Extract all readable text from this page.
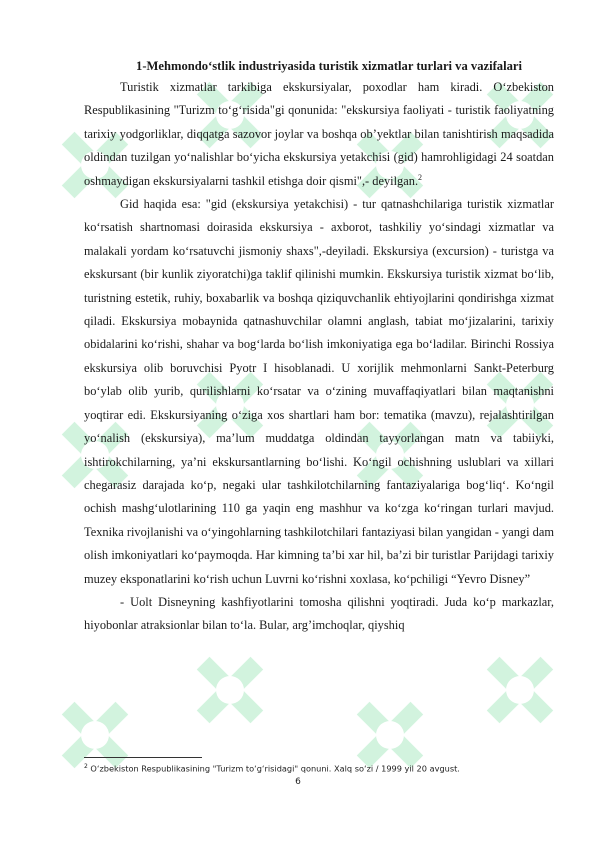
1-Mehmondo‘stlik industriyasida turistik xizmatlar turlari va vazifalari

Turistik xizmatlar tarkibiga ekskursiyalar, poxodlar ham kiradi. O‘zbekiston Respublikasining "Turizm to‘g‘risida"gi qonunida: "ekskursiya faoliyati - turistik faoliyatning tarixiy yodgorliklar, diqqatga sazovor joylar va boshqa ob’yektlar bilan tanishtirish maqsadida oldindan tuzilgan yo‘nalishlar bo‘yicha ekskursiya yetakchisi (gid) hamrohligidagi 24 soatdan oshmaydigan ekskursiyalarni tashkil etishga doir qismi",- deyilgan.$^2$

Gid haqida esa: "gid (ekskursiya yetakchisi) - tur qatnashchilariga turistik xizmatlar ko‘rsatish shartnomasi doirasida ekskursiya - axborot, tashkiliy yo‘sindagi xizmatlar va malakali yordam ko‘rsatuvchi jismoniy shaxs",-deyiladi. Ekskursiya (excursion) - turistga va ekskursant (bir kunlik ziyoratchi)ga taklif qilinishi mumkin. Ekskursiya turistik xizmat bo‘lib, turistning estetik, ruhiy, boxabarlik va boshqa qiziquvchanlik ehtiyojlarini qondirishga xizmat qiladi. Ekskursiya mobaynida qatnashuvchilar olamni anglash, tabiat mo‘jizalarini, tarixiy obidalarini ko‘rishi, shahar va bog‘larda bo‘lish imkoniyatiga ega bo‘ladilar. Birinchi Rossiya ekskursiya olib boruvchisi Pyotr I hisoblanadi. U xorijlik mehmonlarni Sankt-Peterburg bo‘ylab olib yurib, qurilishlarni ko‘rsatar va o‘zining muvaffaqiyatlari bilan maqtanishni yoqtirar edi. Ekskursiyaning o‘ziga xos shartlari ham bor: tematika (mavzu), rejalashtirilgan yo‘nalish (ekskursiya), ma’lum muddatga oldindan tayyorlangan matn va tabiiyki, ishtirokchilarning, ya’ni ekskursantlarning bo‘lishi. Ko‘ngil ochishning uslublari va xillari chegarasiz darajada ko‘p, negaki ular tashkilotchilarning fantaziyalariga bog‘liq‘. Ko‘ngil ochish mashg‘ulotlarining 110 ga yaqin eng mashhur va ko‘zga ko‘ringan turlari mavjud. Texnika rivojlanishi va o‘yingohlarning tashkilotchilari fantaziyasi bilan yangidan - yangi dam olish imkoniyatlari ko‘paymoqda. Har kimning ta’bi xar hil, ba’zi bir turistlar Parijdagi tarixiy muzey eksponatlarini ko‘rish uchun Luvrni ko‘rishni xoxlasa, ko‘pchiligi “Yevro Disney”

- Uolt Disneyning kashfiyotlarini tomosha qilishni yoqtiradi. Juda ko‘p markazlar, hiyobonlar atraksionlar bilan to‘la. Bular, arg’imchoqlar, qiyshiq

$^2$ O‘zbekiston Respublikasining "Turizm to‘g‘risidagi" qonuni. Xalq so‘zi / 1999 yil 20 avgust.
6
